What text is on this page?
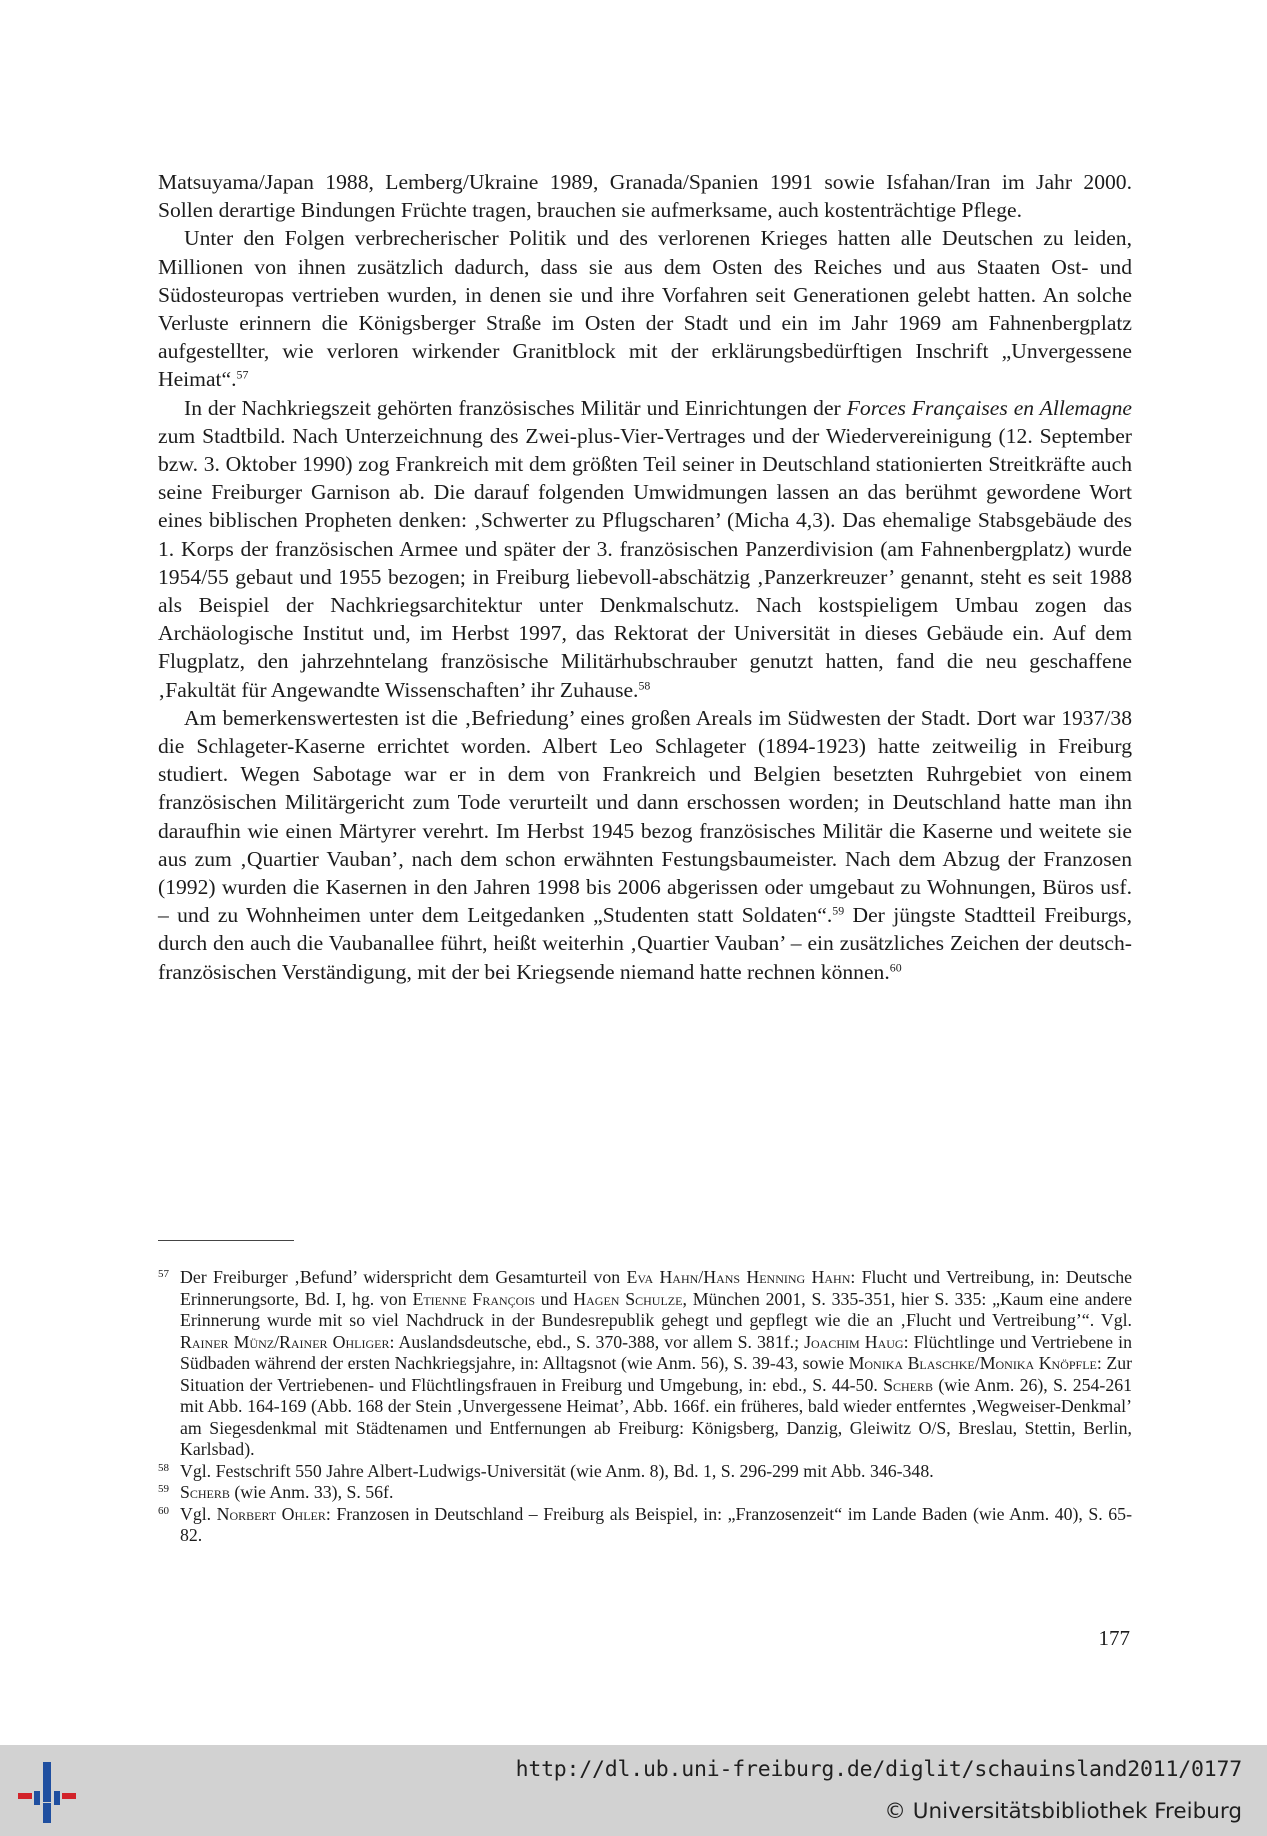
Matsuyama/Japan 1988, Lemberg/Ukraine 1989, Granada/Spanien 1991 sowie Isfahan/Iran im Jahr 2000. Sollen derartige Bindungen Früchte tragen, brauchen sie aufmerksame, auch kostenträchtige Pflege.

Unter den Folgen verbrecherischer Politik und des verlorenen Krieges hatten alle Deutschen zu leiden, Millionen von ihnen zusätzlich dadurch, dass sie aus dem Osten des Reiches und aus Staaten Ost- und Südosteuropas vertrieben wurden, in denen sie und ihre Vorfahren seit Generationen gelebt hatten. An solche Verluste erinnern die Königsberger Straße im Osten der Stadt und ein im Jahr 1969 am Fahnenbergplatz aufgestellter, wie verloren wirkender Granitblock mit der erklärungsbedürftigen Inschrift „Unvergessene Heimat“.$^{57}$

In der Nachkriegszeit gehörten französisches Militär und Einrichtungen der Forces Françaises en Allemagne zum Stadtbild. Nach Unterzeichnung des Zwei-plus-Vier-Vertrages und der Wiedervereinigung (12. September bzw. 3. Oktober 1990) zog Frankreich mit dem größten Teil seiner in Deutschland stationierten Streitkräfte auch seine Freiburger Garnison ab. Die darauf folgenden Umwidmungen lassen an das berühmt gewordene Wort eines biblischen Propheten denken: ‚Schwerter zu Pflugscharen’ (Micha 4,3). Das ehemalige Stabsgebäude des 1. Korps der französischen Armee und später der 3. französischen Panzerdivision (am Fahnenbergplatz) wurde 1954/55 gebaut und 1955 bezogen; in Freiburg liebevoll-abschätzig ‚Panzerkreuzer’ genannt, steht es seit 1988 als Beispiel der Nachkriegsarchitektur unter Denkmalschutz. Nach kostspieligem Umbau zogen das Archäologische Institut und, im Herbst 1997, das Rektorat der Universität in dieses Gebäude ein. Auf dem Flugplatz, den jahrzehntelang französische Militärhubschrauber genutzt hatten, fand die neu geschaffene ‚Fakultät für Angewandte Wissenschaften’ ihr Zuhause.$^{58}$

Am bemerkenswertesten ist die ‚Befriedung’ eines großen Areals im Südwesten der Stadt. Dort war 1937/38 die Schlageter-Kaserne errichtet worden. Albert Leo Schlageter (1894-1923) hatte zeitweilig in Freiburg studiert. Wegen Sabotage war er in dem von Frankreich und Belgien besetzten Ruhrgebiet von einem französischen Militärgericht zum Tode verurteilt und dann erschossen worden; in Deutschland hatte man ihn daraufhin wie einen Märtyrer verehrt. Im Herbst 1945 bezog französisches Militär die Kaserne und weitete sie aus zum ‚Quartier Vauban’, nach dem schon erwähnten Festungsbaumeister. Nach dem Abzug der Franzosen (1992) wurden die Kasernen in den Jahren 1998 bis 2006 abgerissen oder umgebaut zu Wohnungen, Büros usf. – und zu Wohnheimen unter dem Leitgedanken „Studenten statt Soldaten“.$^{59}$ Der jüngste Stadtteil Freiburgs, durch den auch die Vaubanallee führt, heißt weiterhin ‚Quartier Vauban’ – ein zusätzliches Zeichen der deutsch-französischen Verständigung, mit der bei Kriegsende niemand hatte rechnen können.$^{60}$

57 Der Freiburger ‚Befund’ widerspricht dem Gesamturteil von Eva Hahn/Hans Henning Hahn: Flucht und Vertreibung, in: Deutsche Erinnerungsorte, Bd. I, hg. von Etienne François und Hagen Schulze, München 2001, S. 335-351, hier S. 335: „Kaum eine andere Erinnerung wurde mit so viel Nachdruck in der Bundesrepublik gehegt und gepflegt wie die an ‚Flucht und Vertreibung’“. Vgl. Rainer Münz/Rainer Ohliger: Auslandsdeutsche, ebd., S. 370-388, vor allem S. 381f.; Joachim Haug: Flüchtlinge und Vertriebene in Südbaden während der ersten Nachkriegsjahre, in: Alltagsnot (wie Anm. 56), S. 39-43, sowie Monika Blaschke/Monika Knöpfle: Zur Situation der Vertriebenen- und Flüchtlingsfrauen in Freiburg und Umgebung, in: ebd., S. 44-50. Scherb (wie Anm. 26), S. 254-261 mit Abb. 164-169 (Abb. 168 der Stein ‚Unvergessene Heimat’, Abb. 166f. ein früheres, bald wieder entferntes ‚Wegweiser-Denkmal’ am Siegesdenkmal mit Städtenamen und Entfernungen ab Freiburg: Königsberg, Danzig, Gleiwitz O/S, Breslau, Stettin, Berlin, Karlsbad).

58 Vgl. Festschrift 550 Jahre Albert-Ludwigs-Universität (wie Anm. 8), Bd. 1, S. 296-299 mit Abb. 346-348.

59 Scherb (wie Anm. 33), S. 56f.

60 Vgl. Norbert Ohler: Franzosen in Deutschland – Freiburg als Beispiel, in: „Franzosenzeit“ im Lande Baden (wie Anm. 40), S. 65-82.

177
http://dl.ub.uni-freiburg.de/diglit/schauinsland2011/0177
© Universitätsbibliothek Freiburg
